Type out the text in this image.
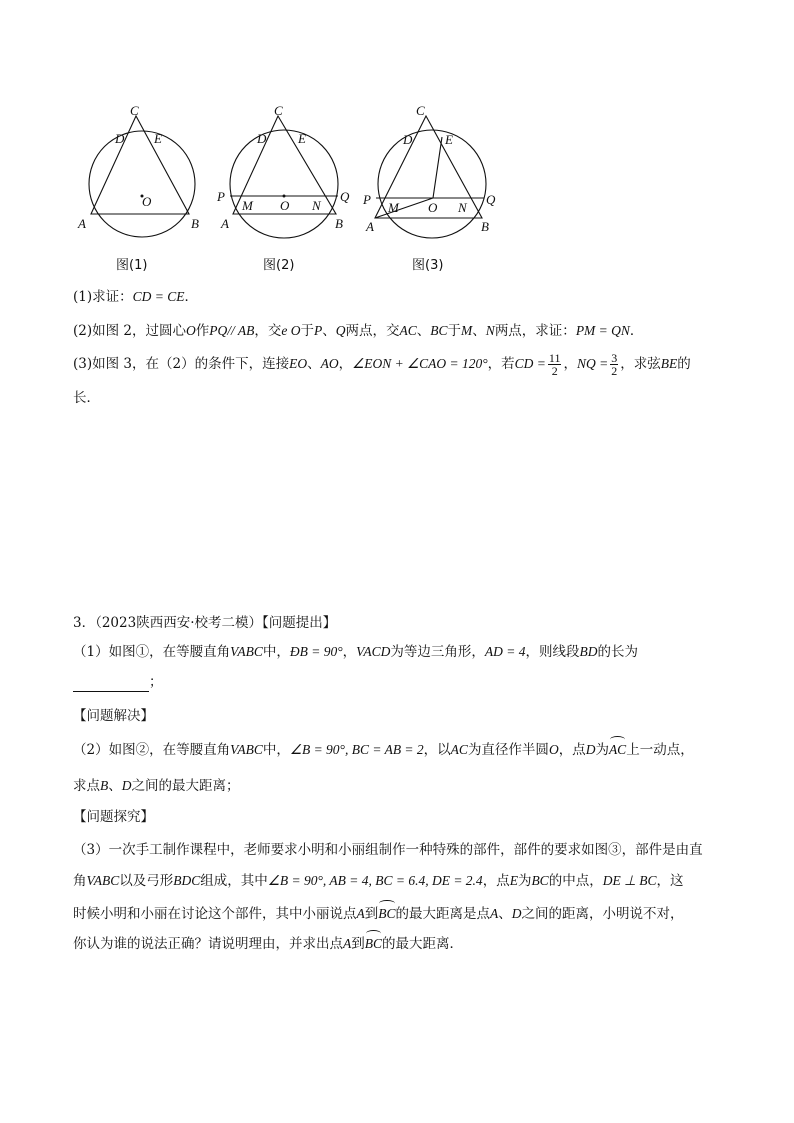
C
D E
O
A	B
图(1)
C
D E
P	Q
M O N
A	B
图(2)
C
D	E
P	Q
M O N
A	B
图(3)
(1)求证：CD = CE．
(2)如图 2，过圆心O作PQ// AB，交e O于P、Q两点，交AC、BC于M、N两点，求证：PM = QN．
(3)如图 3，在（2）的条件下，连接EO、AO，∠EON + ∠CAO = 120°，若CD = $\frac{11}{2}$ ，NQ = $\frac{3}{2}$ ，求弦BE的
长．
3．（2023陕西西安·校考二模）【问题提出】
（1）如图①，在等腰直角VABC中，ÐB = 90°，VACD为等边三角形，AD = 4，则线段BD的长为
；
【问题解决】
（2）如图②，在等腰直角VABC中，∠B = 90°, BC = AB = 2，以AC为直径作半圆O，点D为AC上一动点，
求点B、D之间的最大距离；
【问题探究】
（3）一次手工制作课程中，老师要求小明和小丽组制作一种特殊的部件，部件的要求如图③，部件是由直
角VABC以及弓形BDC组成，其中∠B = 90°, AB = 4, BC = 6.4, DE = 2.4，点E为BC的中点，DE ⊥ BC，这
时候小明和小丽在讨论这个部件，其中小丽说点A到BC的最大距离是点A、D之间的距离，小明说不对，
你认为谁的说法正确？请说明理由，并求出点A到BC的最大距离．
